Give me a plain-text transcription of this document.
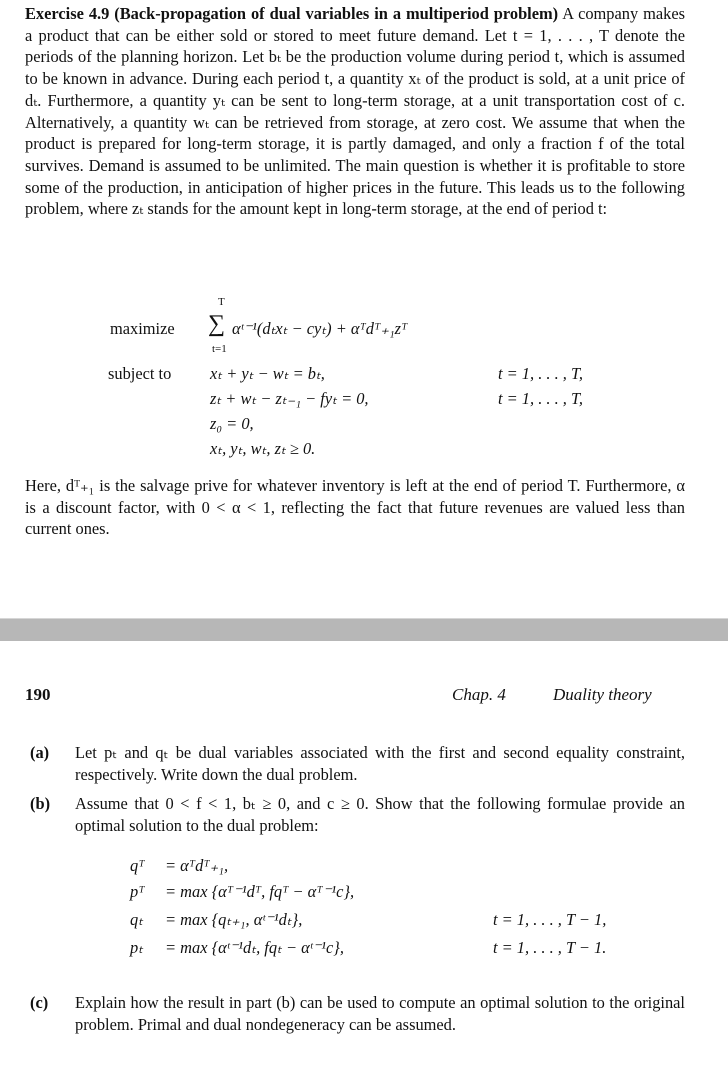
Exercise 4.9 (Back-propagation of dual variables in a multiperiod problem) A company makes a product that can be either sold or stored to meet future demand. Let t = 1, . . . , T denote the periods of the planning horizon. Let bₜ be the production volume during period t, which is assumed to be known in advance. During each period t, a quantity xₜ of the product is sold, at a unit price of dₜ. Furthermore, a quantity yₜ can be sent to long-term storage, at a unit transportation cost of c. Alternatively, a quantity wₜ can be retrieved from storage, at zero cost. We assume that when the product is prepared for long-term storage, it is partly damaged, and only a fraction f of the total survives. Demand is assumed to be unlimited. The main question is whether it is profitable to store some of the production, in anticipation of higher prices in the future. This leads us to the following problem, where zₜ stands for the amount kept in long-term storage, at the end of period t:

maximize
T
∑
t=1
αᵗ⁻¹(dₜxₜ − cyₜ) + αᵀdᵀ₊₁zᵀ
subject to xₜ + yₜ − wₜ = bₜ,	t = 1, . . . , T,
zₜ + wₜ − zₜ₋₁ − fyₜ = 0,	t = 1, . . . , T,
z₀ = 0,
xₜ, yₜ, wₜ, zₜ ≥ 0.

Here, dᵀ₊₁ is the salvage prive for whatever inventory is left at the end of period T. Furthermore, α is a discount factor, with 0 < α < 1, reflecting the fact that future revenues are valued less than current ones.

190	Chap. 4	Duality theory
(a) Let pₜ and qₜ be dual variables associated with the first and second equality constraint, respectively. Write down the dual problem.
(b) Assume that 0 < f < 1, bₜ ≥ 0, and c ≥ 0. Show that the following formulae provide an optimal solution to the dual problem:
qᵀ = αᵀdᵀ₊₁,
pᵀ = max {αᵀ⁻¹dᵀ, fqᵀ − αᵀ⁻¹c},
qₜ = max {qₜ₊₁, αᵗ⁻¹dₜ},	t = 1, . . . , T − 1,
pₜ = max {αᵗ⁻¹dₜ, fqₜ − αᵗ⁻¹c},	t = 1, . . . , T − 1.
(c) Explain how the result in part (b) can be used to compute an optimal solution to the original problem. Primal and dual nondegeneracy can be assumed.
